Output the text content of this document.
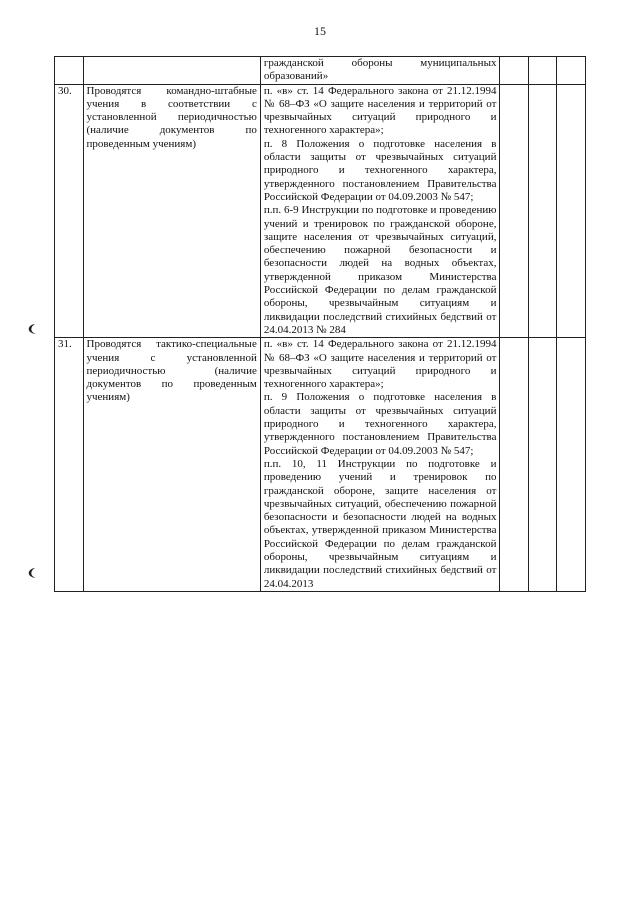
15
		гражданской обороны муниципальных образований»			
30.	Проводятся командно-штабные учения в соответствии с установленной периодичностью (наличие документов по проведенным учениям)	п. «в» ст. 14 Федерального закона от 21.12.1994 № 68–ФЗ «О защите населения и территорий от чрезвычайных ситуаций природного и техногенного характера»;
п. 8 Положения о подготовке населения в области защиты от чрезвычайных ситуаций природного и техногенного характера, утвержденного постановлением Правительства Российской Федерации от 04.09.2003 № 547;
п.п. 6-9 Инструкции по подготовке и проведению учений и тренировок по гражданской обороне, защите населения от чрезвычайных ситуаций, обеспечению пожарной безопасности и безопасности людей на водных объектах, утвержденной приказом Министерства Российской Федерации по делам гражданской обороны, чрезвычайным ситуациям и ликвидации последствий стихийных бедствий от 24.04.2013 № 284			

31.	Проводятся тактико-специальные учения с установленной периодичностью (наличие документов по проведенным учениям)	п. «в» ст. 14 Федерального закона от 21.12.1994 № 68–ФЗ «О защите населения и территорий от чрезвычайных ситуаций природного и техногенного характера»;
п. 9 Положения о подготовке населения в области защиты от чрезвычайных ситуаций природного и техногенного характера, утвержденного постановлением Правительства Российской Федерации от 04.09.2003 № 547;
п.п. 10, 11 Инструкции по подготовке и проведению учений и тренировок по гражданской обороне, защите населения от чрезвычайных ситуаций, обеспечению пожарной безопасности и безопасности людей на водных объектах, утвержденной приказом Министерства Российской Федерации по делам гражданской обороны, чрезвычайным ситуациям и ликвидации последствий стихийных бедствий от 24.04.2013			
